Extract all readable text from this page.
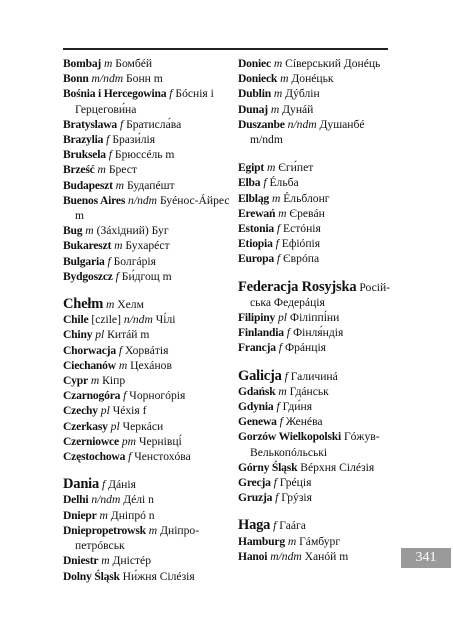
Bombaj m Бомбéй
Bonn m/ndm Бонн m
Bośnia i Hercegowina f Бóснія і Герцегови́на
Bratyslawa f Братисла́ва
Brazylia f Брази́лія
Bruksela f Брюссéль m
Brześć m Брест
Budapeszt m Будапéшт
Buenos Aires n/ndm Буéнос-Áйрес m
Bug m (Зáхідний) Буг
Bukareszt m Бухарéст
Bulgaria f Болгáрія
Bydgoszcz f Би́дгощ m
Chełm m Хелм
Chile [czile] n/ndm Чі́лі
Chiny pl Китáй m
Chorwacja f Хорвáтія
Ciechanów m Цехáнов
Cypr m Кіпр
Czarnogóra f Чорногóрія
Czechy pl Чéхія f
Czerkasy pl Черкáси
Czerniowce pm Чернівці́
Częstochowa f Ченстохóва
Dania f Дáнія
Delhi n/ndm Дéлі n
Dniepr m Дніпрó n
Dniepropetrowsk m Дніпропетрóвськ
Dniestr m Дністéр
Dolny Śląsk Ни́жня Сілéзія
Doniec m Сíверський Донéць
Donieck m Донéцьк
Dublin m Дýблін
Dunaj m Дунáй
Duszanbe n/ndm Душанбé m/ndm
Egipt m Єги́пет
Elba f Éльба
Elbląg m Éльблонг
Erewań m Єревáн
Estonia f Естóнія
Etiopia f Ефіóпія
Europa f Єврóпа
Federacja Rosyjska Російська Федерáція
Filipiny pl Філіппі́ни
Finlandia f Фінля́ндія
Francja f Фрáнція
Galicja f Галичинá
Gdańsk m Гдáнськ
Gdynia f Гди́ня
Genewa f Женéва
Gorzów Wielkopolski Гóжув-Велькопóльські
Górny Śląsk Вéрхня Сілéзія
Grecja f Грéція
Gruzja f Грýзія
Haga f Гаáга
Hamburg m Гáмбург
Hanoi m/ndm Ханóй m	341
